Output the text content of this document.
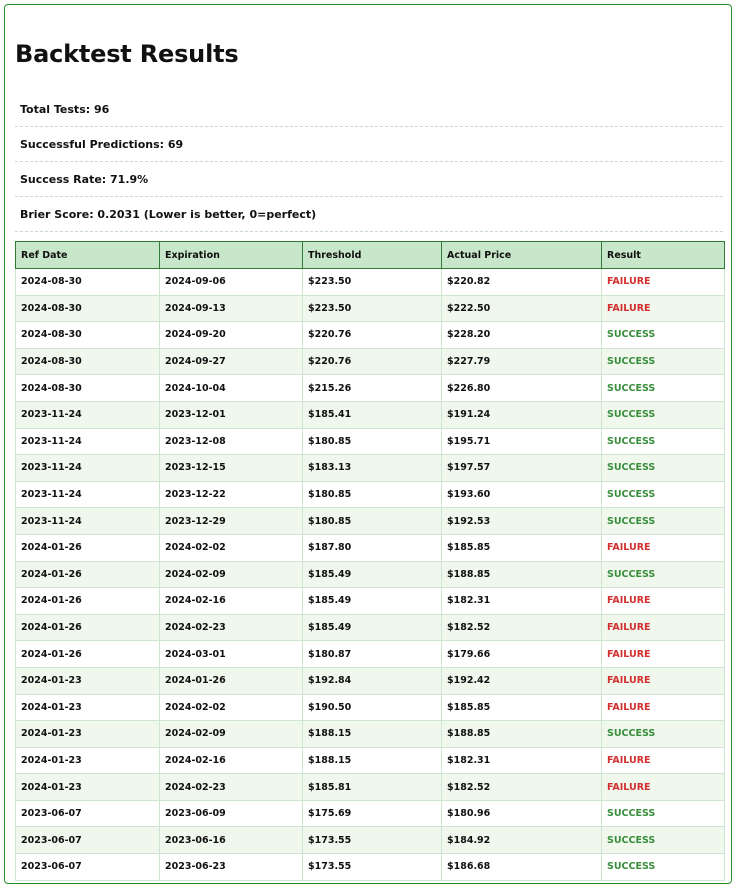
Backtest Results
Total Tests : 96
Successful Predictions : 69
Success Rate : 71.9%
Brier Score : 0.2031 (Lower is better, 0=perfect)
Ref Date	Expiration	Threshold	Actual Price	Result
2024-08-30	2024-09-06	$223.50	$220.82	FAILURE
2024-08-30	2024-09-13	$223.50	$222.50	FAILURE
2024-08-30	2024-09-20	$220.76	$228.20	SUCCESS
2024-08-30	2024-09-27	$220.76	$227.79	SUCCESS
2024-08-30	2024-10-04	$215.26	$226.80	SUCCESS
2023-11-24	2023-12-01	$185.41	$191.24	SUCCESS
2023-11-24	2023-12-08	$180.85	$195.71	SUCCESS
2023-11-24	2023-12-15	$183.13	$197.57	SUCCESS
2023-11-24	2023-12-22	$180.85	$193.60	SUCCESS
2023-11-24	2023-12-29	$180.85	$192.53	SUCCESS
2024-01-26	2024-02-02	$187.80	$185.85	FAILURE
2024-01-26	2024-02-09	$185.49	$188.85	SUCCESS
2024-01-26	2024-02-16	$185.49	$182.31	FAILURE
2024-01-26	2024-02-23	$185.49	$182.52	FAILURE
2024-01-26	2024-03-01	$180.87	$179.66	FAILURE
2024-01-23	2024-01-26	$192.84	$192.42	FAILURE
2024-01-23	2024-02-02	$190.50	$185.85	FAILURE
2024-01-23	2024-02-09	$188.15	$188.85	SUCCESS
2024-01-23	2024-02-16	$188.15	$182.31	FAILURE
2024-01-23	2024-02-23	$185.81	$182.52	FAILURE
2023-06-07	2023-06-09	$175.69	$180.96	SUCCESS
2023-06-07	2023-06-16	$173.55	$184.92	SUCCESS
2023-06-07	2023-06-23	$173.55	$186.68	SUCCESS
